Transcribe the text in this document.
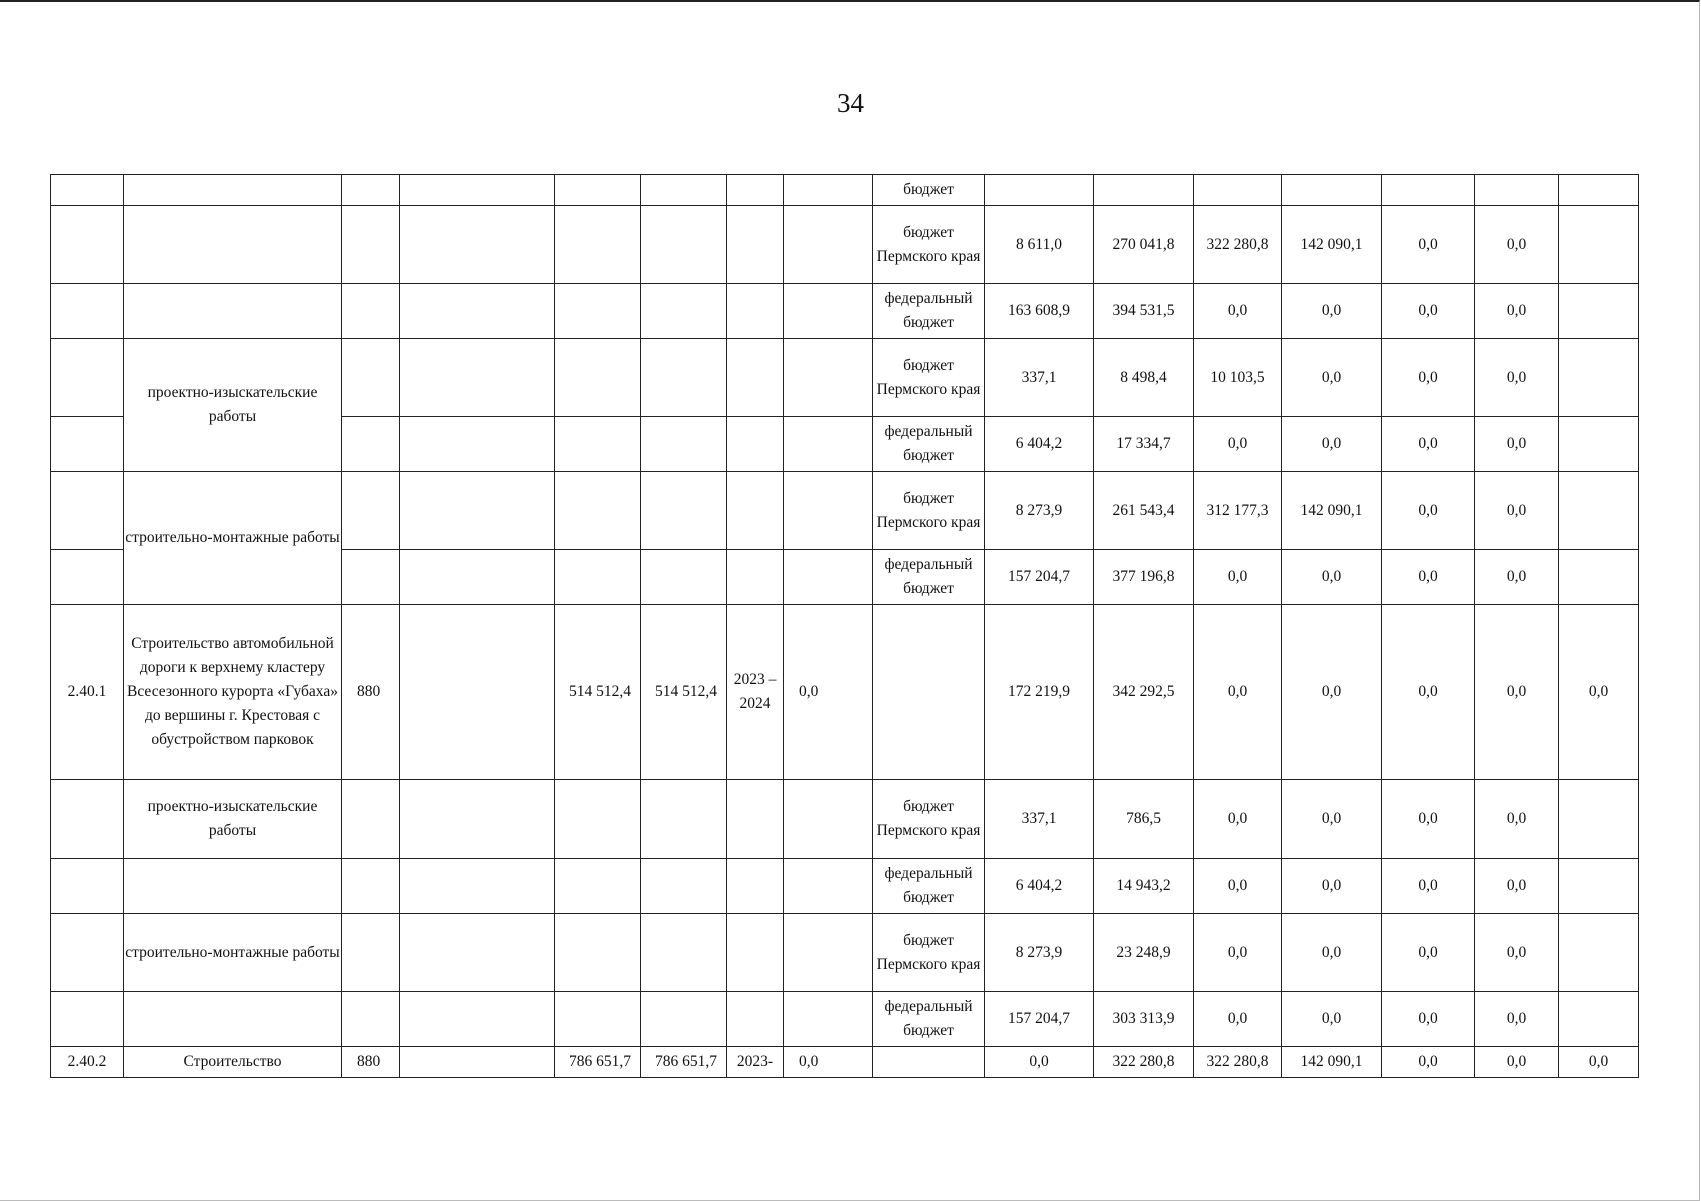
34
								бюджет							
								бюджет Пермского края	8 611,0	270 041,8	322 280,8	142 090,1	0,0	0,0	
								федеральный бюджет	163 608,9	394 531,5	0,0	0,0	0,0	0,0	
	проектно-изыскательские работы							бюджет Пермского края	337,1	8 498,4	10 103,5	0,0	0,0	0,0	
								федеральный бюджет	6 404,2	17 334,7	0,0	0,0	0,0	0,0	
	строительно-монтажные работы							бюджет Пермского края	8 273,9	261 543,4	312 177,3	142 090,1	0,0	0,0	
								федеральный бюджет	157 204,7	377 196,8	0,0	0,0	0,0	0,0	
2.40.1	Строительство автомобильной дороги к верхнему кластеру Всесезонного курорта «Губаха» до вершины г. Крестовая с обустройством парковок	880		514 512,4	514 512,4	2023 – 2024	0,0		172 219,9	342 292,5	0,0	0,0	0,0	0,0	0,0
	проектно-изыскательские работы							бюджет Пермского края	337,1	786,5	0,0	0,0	0,0	0,0	
								федеральный бюджет	6 404,2	14 943,2	0,0	0,0	0,0	0,0	
	строительно-монтажные работы							бюджет Пермского края	8 273,9	23 248,9	0,0	0,0	0,0	0,0	
								федеральный бюджет	157 204,7	303 313,9	0,0	0,0	0,0	0,0	
2.40.2	Строительство	880		786 651,7	786 651,7	2023-	0,0		0,0	322 280,8	322 280,8	142 090,1	0,0	0,0	0,0
